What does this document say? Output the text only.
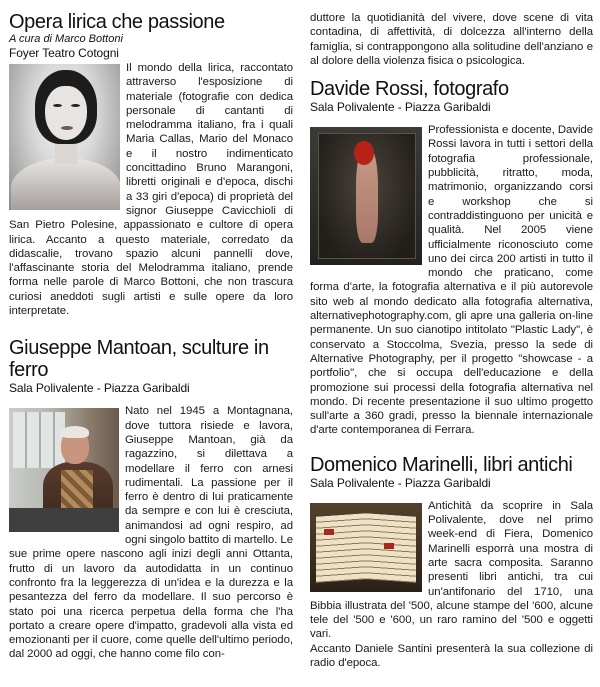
Opera lirica che passione
A cura di Marco Bottoni
Foyer Teatro Cotogni

Il mondo della lirica, raccontato attraverso l'esposizione di materiale (fotografie con dedica personale di cantanti di melodramma italiano, fra i quali Maria Callas, Mario del Monaco e il nostro indimenticato concittadino Bruno Marangoni, libretti originali e d'epoca, dischi a 33 giri d'epoca) di proprietà del signor Giuseppe Cavicchioli di San Pietro Polesine, appassionato e cultore di opera lirica. Accanto a questo materiale, corredato da didascalie, trovano spazio alcuni pannelli dove, l'affascinante storia del Melodramma italiano, prende forma nelle parole di Marco Bottoni, che non trascura curiosi aneddoti sugli artisti e sulle opere da loro interpretate.

Giuseppe Mantoan, sculture in ferro
Sala Polivalente - Piazza Garibaldi

Nato nel 1945 a Montagnana, dove tuttora risiede e lavora, Giuseppe Mantoan, già da ragazzino, si dilettava a modellare il ferro con arnesi rudimentali. La passione per il ferro è dentro di lui praticamente da sempre e con lui è cresciuta, animandosi ad ogni respiro, ad ogni singolo battito di martello. Le sue prime opere nascono agli inizi degli anni Ottanta, frutto di un lavoro da autodidatta in un continuo confronto fra la leggerezza di un'idea e la durezza e la pesantezza del ferro da modellare. Il suo percorso è stato poi una ricerca perpetua della forma che l'ha portato a creare opere d'impatto, gradevoli alla vista ed emozionanti per il cuore, come quelle dell'ultimo periodo, dal 2000 ad oggi, che hanno come filo con-

duttore la quotidianità del vivere, dove scene di vita contadina, di affettività, di dolcezza all'interno della famiglia, si contrappongono alla solitudine dell'anziano e al dolore della violenza fisica o psicologica.

Davide Rossi, fotografo
Sala Polivalente - Piazza Garibaldi

Professionista e docente, Davide Rossi lavora in tutti i settori della fotografia professionale, pubblicità, ritratto, moda, matrimonio, organizzando corsi e workshop che si contraddistinguono per unicità e qualità. Nel 2005 viene ufficialmente riconosciuto come uno dei circa 200 artisti in tutto il mondo che praticano, come forma d'arte, la fotografia alternativa e il più autorevole sito web al mondo dedicato alla fotografia alternativa, alternativephotography.com, gli apre una galleria on-line permanente. Un suo cianotipo intitolato "Plastic Lady", è conservato a Stoccolma, Svezia, presso la sede di Alternative Photography, per il progetto "showcase - a portfolio", che si occupa dell'educazione e della promozione sui processi della fotografia alternativa nel mondo. Di recente presentazione il suo ultimo progetto sull'arte a 360 gradi, presso la biennale internazionale d'arte contemporanea di Ferrara.

Domenico Marinelli, libri antichi
Sala Polivalente - Piazza Garibaldi

Antichità da scoprire in Sala Polivalente, dove nel primo week-end di Fiera, Domenico Marinelli esporrà una mostra di arte sacra composita. Saranno presenti libri antichi, tra cui un'antifonario del 1710, una Bibbia illustrata del '500, alcune stampe del '600, alcune tele del '500 e '600, un raro ramino del '500 e oggetti vari.

Accanto Daniele Santini presenterà la sua collezione di radio d'epoca.
